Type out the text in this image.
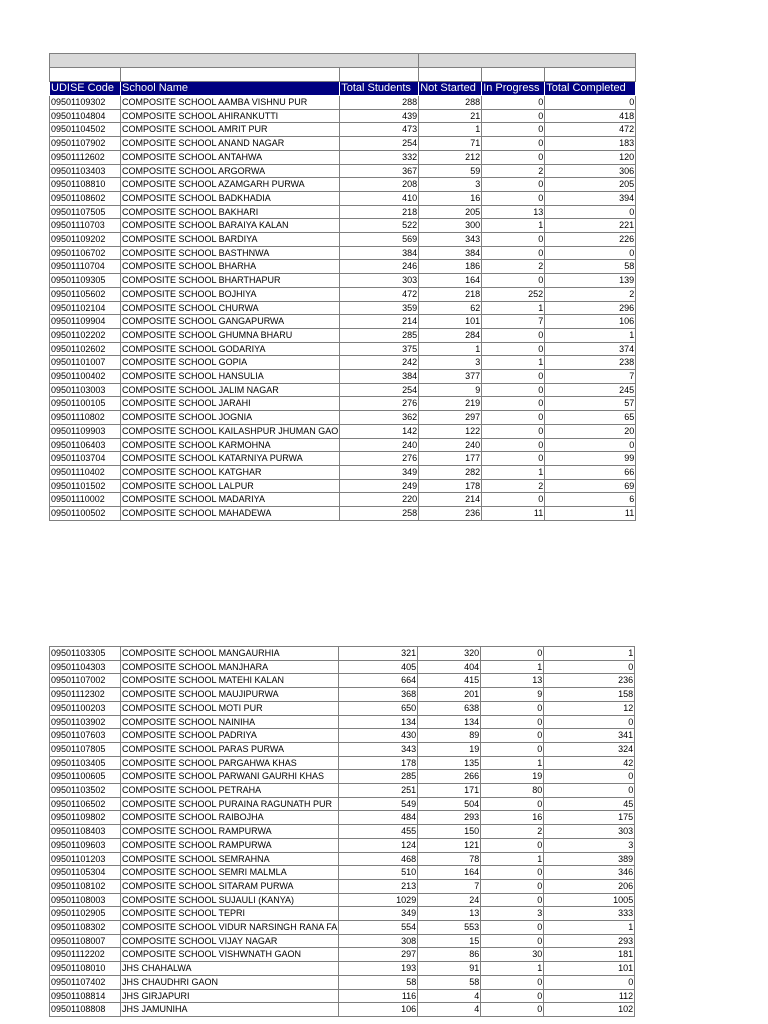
UDISE Code	School Name	Total Students	Not Started	In Progress	Total Completed
09501109302	COMPOSITE SCHOOL AAMBA VISHNU PUR	288	288	0	0
09501104804	COMPOSITE SCHOOL AHIRANKUTTI	439	21	0	418
09501104502	COMPOSITE SCHOOL AMRIT PUR	473	1	0	472
09501107902	COMPOSITE SCHOOL ANAND NAGAR	254	71	0	183
09501112602	COMPOSITE SCHOOL ANTAHWA	332	212	0	120
09501103403	COMPOSITE SCHOOL ARGORWA	367	59	2	306
09501108810	COMPOSITE SCHOOL AZAMGARH PURWA	208	3	0	205
09501108602	COMPOSITE SCHOOL BADKHADIA	410	16	0	394
09501107505	COMPOSITE SCHOOL BAKHARI	218	205	13	0
09501110703	COMPOSITE SCHOOL BARAIYA KALAN	522	300	1	221
09501109202	COMPOSITE SCHOOL BARDIYA	569	343	0	226
09501106702	COMPOSITE SCHOOL BASTHNWA	384	384	0	0
09501110704	COMPOSITE SCHOOL BHARHA	246	186	2	58
09501109305	COMPOSITE SCHOOL BHARTHAPUR	303	164	0	139
09501105602	COMPOSITE SCHOOL BOJHIYA	472	218	252	2
09501102104	COMPOSITE SCHOOL CHURWA	359	62	1	296
09501109904	COMPOSITE SCHOOL GANGAPURWA	214	101	7	106
09501102202	COMPOSITE SCHOOL GHUMNA BHARU	285	284	0	1
09501102602	COMPOSITE SCHOOL GODARIYA	375	1	0	374
09501101007	COMPOSITE SCHOOL GOPIA	242	3	1	238
09501100402	COMPOSITE SCHOOL HANSULIA	384	377	0	7
09501103003	COMPOSITE SCHOOL JALIM NAGAR	254	9	0	245
09501100105	COMPOSITE SCHOOL JARAHI	276	219	0	57
09501110802	COMPOSITE SCHOOL JOGNIA	362	297	0	65
09501109903	COMPOSITE SCHOOL KAILASHPUR JHUMAN GAO	142	122	0	20
09501106403	COMPOSITE SCHOOL KARMOHNA	240	240	0	0
09501103704	COMPOSITE SCHOOL KATARNIYA PURWA	276	177	0	99
09501110402	COMPOSITE SCHOOL KATGHAR	349	282	1	66
09501101502	COMPOSITE SCHOOL LALPUR	249	178	2	69
09501110002	COMPOSITE SCHOOL MADARIYA	220	214	0	6
09501100502	COMPOSITE SCHOOL MAHADEWA	258	236	11	11
09501103305	COMPOSITE SCHOOL MANGAURHIA	321	320	0	1
09501104303	COMPOSITE SCHOOL MANJHARA	405	404	1	0
09501107002	COMPOSITE SCHOOL MATEHI KALAN	664	415	13	236
09501112302	COMPOSITE SCHOOL MAUJIPURWA	368	201	9	158
09501100203	COMPOSITE SCHOOL MOTI PUR	650	638	0	12
09501103902	COMPOSITE SCHOOL NAINIHA	134	134	0	0
09501107603	COMPOSITE SCHOOL PADRIYA	430	89	0	341
09501107805	COMPOSITE SCHOOL PARAS PURWA	343	19	0	324
09501103405	COMPOSITE SCHOOL PARGAHWA KHAS	178	135	1	42
09501100605	COMPOSITE SCHOOL PARWANI GAURHI KHAS	285	266	19	0
09501103502	COMPOSITE SCHOOL PETRAHA	251	171	80	0
09501106502	COMPOSITE SCHOOL PURAINA RAGUNATH PUR	549	504	0	45
09501109802	COMPOSITE SCHOOL RAIBOJHA	484	293	16	175
09501108403	COMPOSITE SCHOOL RAMPURWA	455	150	2	303
09501109603	COMPOSITE SCHOOL RAMPURWA	124	121	0	3
09501101203	COMPOSITE SCHOOL SEMRAHNA	468	78	1	389
09501105304	COMPOSITE SCHOOL SEMRI MALMLA	510	164	0	346
09501108102	COMPOSITE SCHOOL SITARAM PURWA	213	7	0	206
09501108003	COMPOSITE SCHOOL SUJAULI (KANYA)	1029	24	0	1005
09501102905	COMPOSITE SCHOOL TEPRI	349	13	3	333
09501108302	COMPOSITE SCHOOL VIDUR NARSINGH RANA FA	554	553	0	1
09501108007	COMPOSITE SCHOOL VIJAY NAGAR	308	15	0	293
09501112202	COMPOSITE SCHOOL VISHWNATH GAON	297	86	30	181
09501108010	JHS CHAHALWA	193	91	1	101
09501107402	JHS CHAUDHRI GAON	58	58	0	0
09501108814	JHS GIRJAPURI	116	4	0	112
09501108808	JHS JAMUNIHA	106	4	0	102
